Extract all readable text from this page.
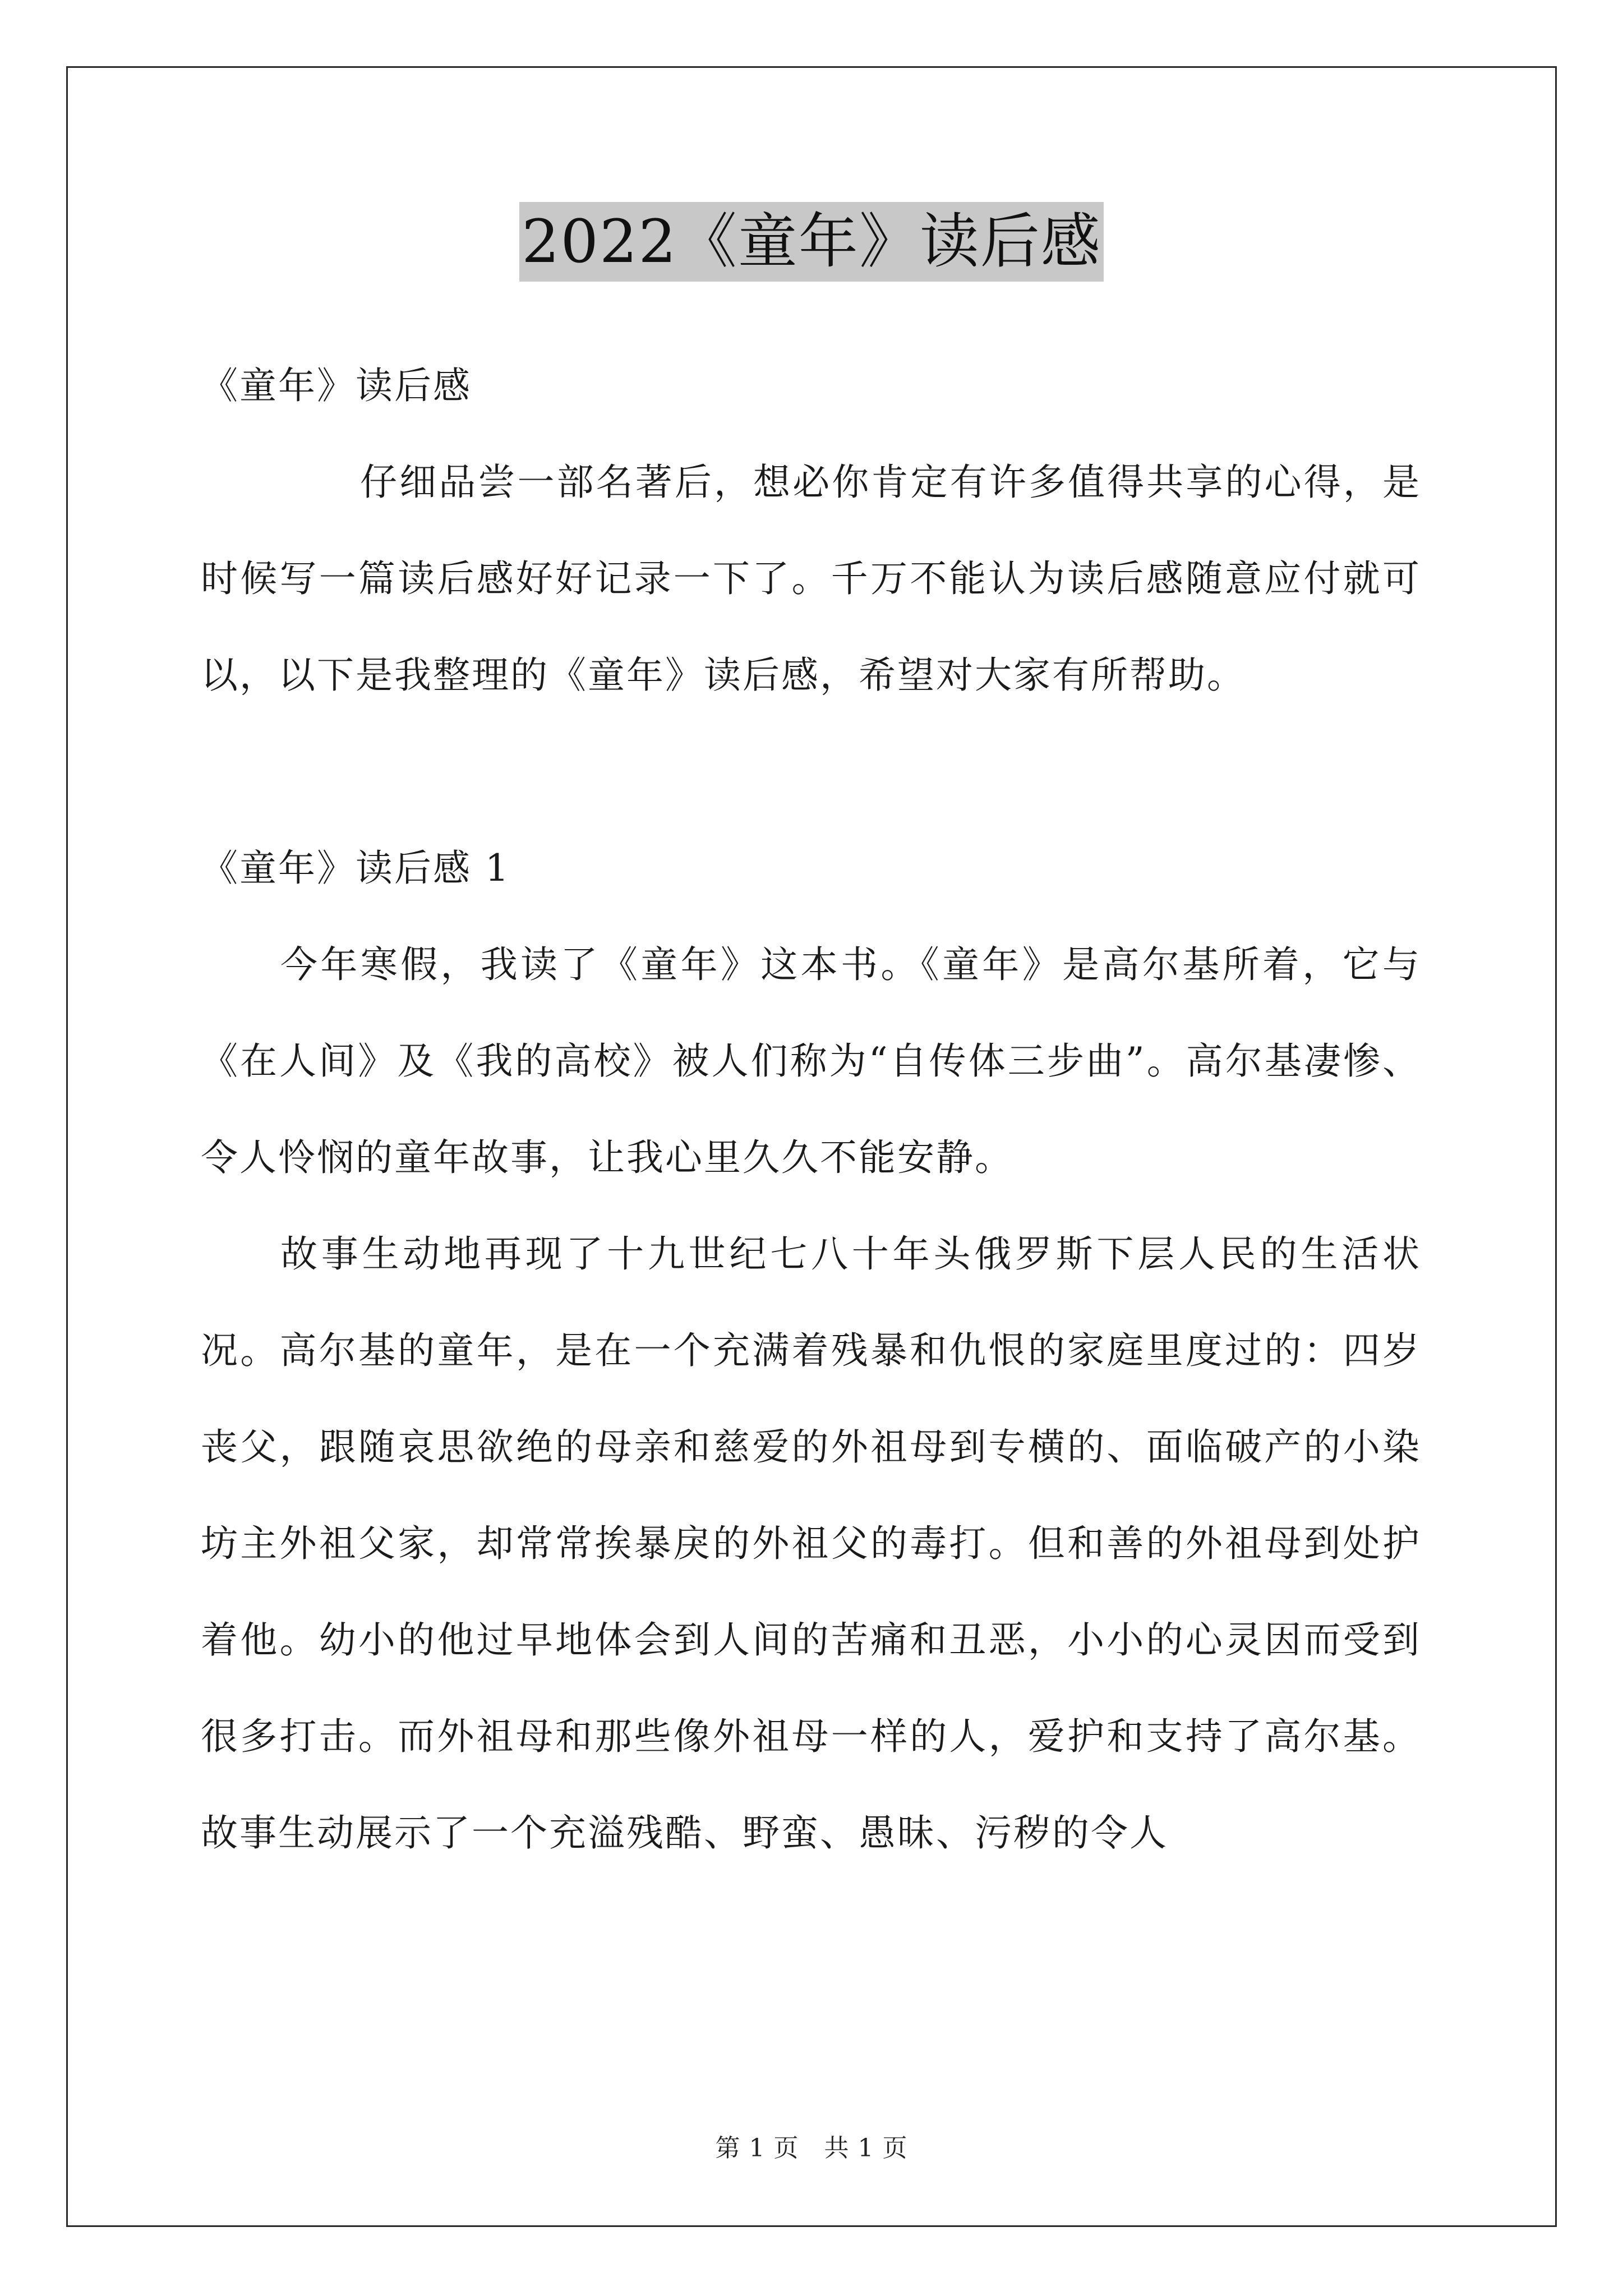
2022《童年》读后感

《童年》读后感

仔细品尝一部名著后，想必你肯定有许多值得共享的心得，是时候写一篇读后感好好记录一下了。千万不能认为读后感随意应付就可以，以下是我整理的《童年》读后感，希望对大家有所帮助。

《童年》读后感 1

今年寒假，我读了《童年》这本书。《童年》是高尔基所着，它与《在人间》及《我的高校》被人们称为“自传体三步曲”。高尔基凄惨、令人怜悯的童年故事，让我心里久久不能安静。

故事生动地再现了十九世纪七八十年头俄罗斯下层人民的生活状况。高尔基的童年，是在一个充满着残暴和仇恨的家庭里度过的：四岁丧父，跟随哀思欲绝的母亲和慈爱的外祖母到专横的、面临破产的小染坊主外祖父家，却常常挨暴戾的外祖父的毒打。但和善的外祖母到处护着他。幼小的他过早地体会到人间的苦痛和丑恶，小小的心灵因而受到很多打击。而外祖母和那些像外祖母一样的人，爱护和支持了高尔基。故事生动展示了一个充溢残酷、野蛮、愚昧、污秽的令人

第 1 页　共 1 页
